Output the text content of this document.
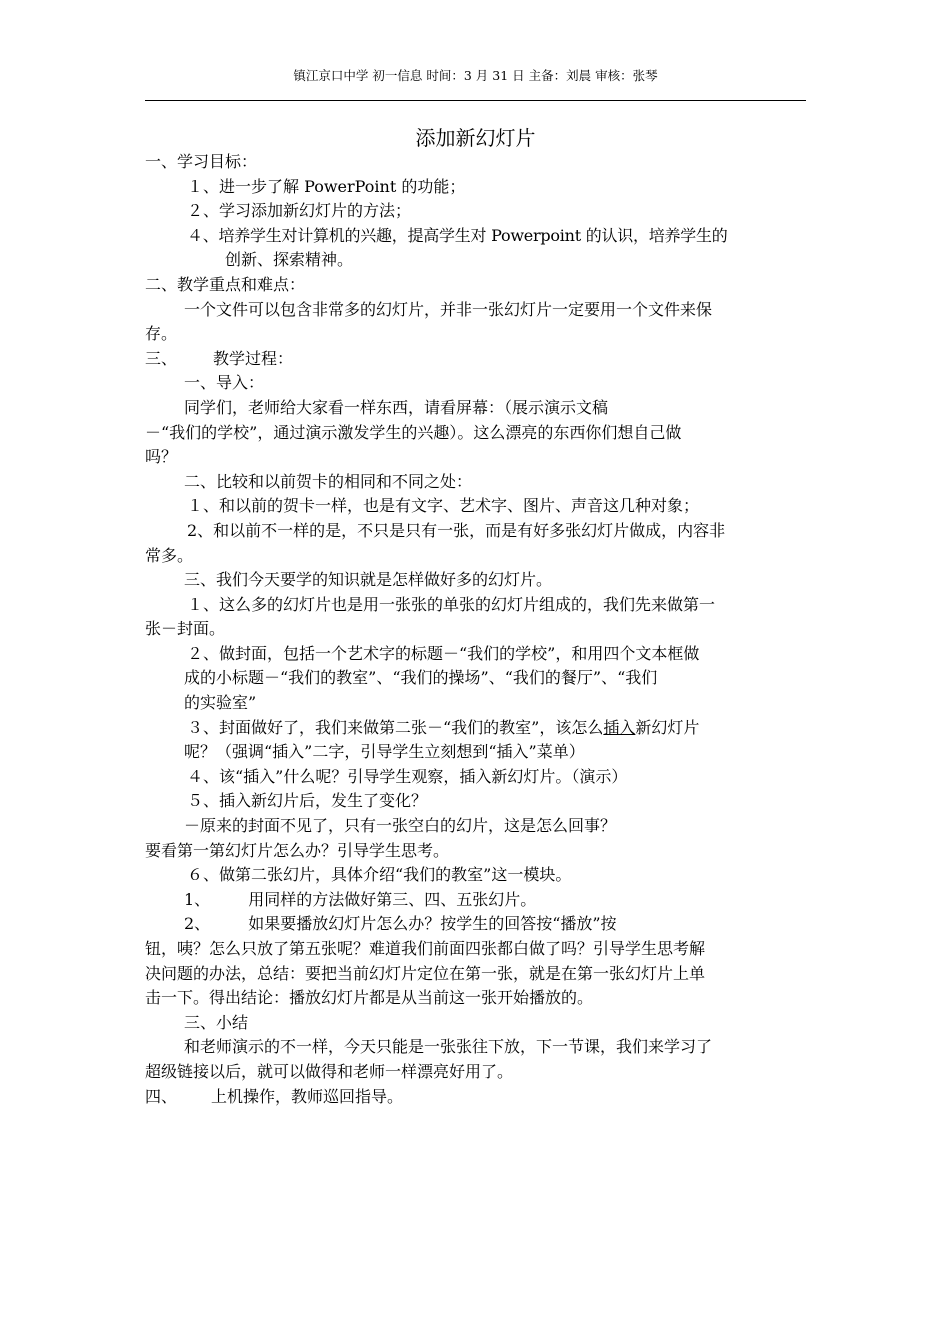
镇江京口中学 初一信息 时间：3 月 31 日 主备：刘晨 审核：张琴
添加新幻灯片

一、学习目标：

１、进一步了解 PowerPoint 的功能；

２、学习添加新幻灯片的方法；

４、培养学生对计算机的兴趣，提高学生对 Powerpoint 的认识，培养学生的

创新、探索精神。

二、教学重点和难点：

一个文件可以包含非常多的幻灯片，并非一张幻灯片一定要用一个文件来保

存。

三、 教学过程：

一、导入：

同学们，老师给大家看一样东西，请看屏幕：（展示演示文稿

－“我们的学校”，通过演示激发学生的兴趣）。这么漂亮的东西你们想自己做

吗？

二、比较和以前贺卡的相同和不同之处：

１、和以前的贺卡一样，也是有文字、艺术字、图片、声音这几种对象；

2、和以前不一样的是，不只是只有一张，而是有好多张幻灯片做成，内容非

常多。

三、我们今天要学的知识就是怎样做好多的幻灯片。

１、这么多的幻灯片也是用一张张的单张的幻灯片组成的，我们先来做第一

张－封面。

２、做封面，包括一个艺术字的标题－“我们的学校”，和用四个文本框做

成的小标题－“我们的教室”、“我们的操场”、“我们的餐厅”、“我们

的实验室”

３、封面做好了，我们来做第二张－“我们的教室”，该怎么插入新幻灯片

呢？（强调“插入”二字，引导学生立刻想到“插入”菜单）

４、该“插入”什么呢？引导学生观察，插入新幻灯片。（演示）

５、插入新幻片后，发生了变化？

－原来的封面不见了，只有一张空白的幻片，这是怎么回事？

要看第一第幻灯片怎么办？引导学生思考。

６、做第二张幻片，具体介绍“我们的教室”这一模块。

1、 用同样的方法做好第三、四、五张幻片。

2、 如果要播放幻灯片怎么办？按学生的回答按“播放”按

钮，咦？怎么只放了第五张呢？难道我们前面四张都白做了吗？引导学生思考解

决问题的办法，总结：要把当前幻灯片定位在第一张，就是在第一张幻灯片上单

击一下。得出结论：播放幻灯片都是从当前这一张开始播放的。

三、小结

和老师演示的不一样，今天只能是一张张往下放，下一节课，我们来学习了

超级链接以后，就可以做得和老师一样漂亮好用了。

四、 上机操作，教师巡回指导。
